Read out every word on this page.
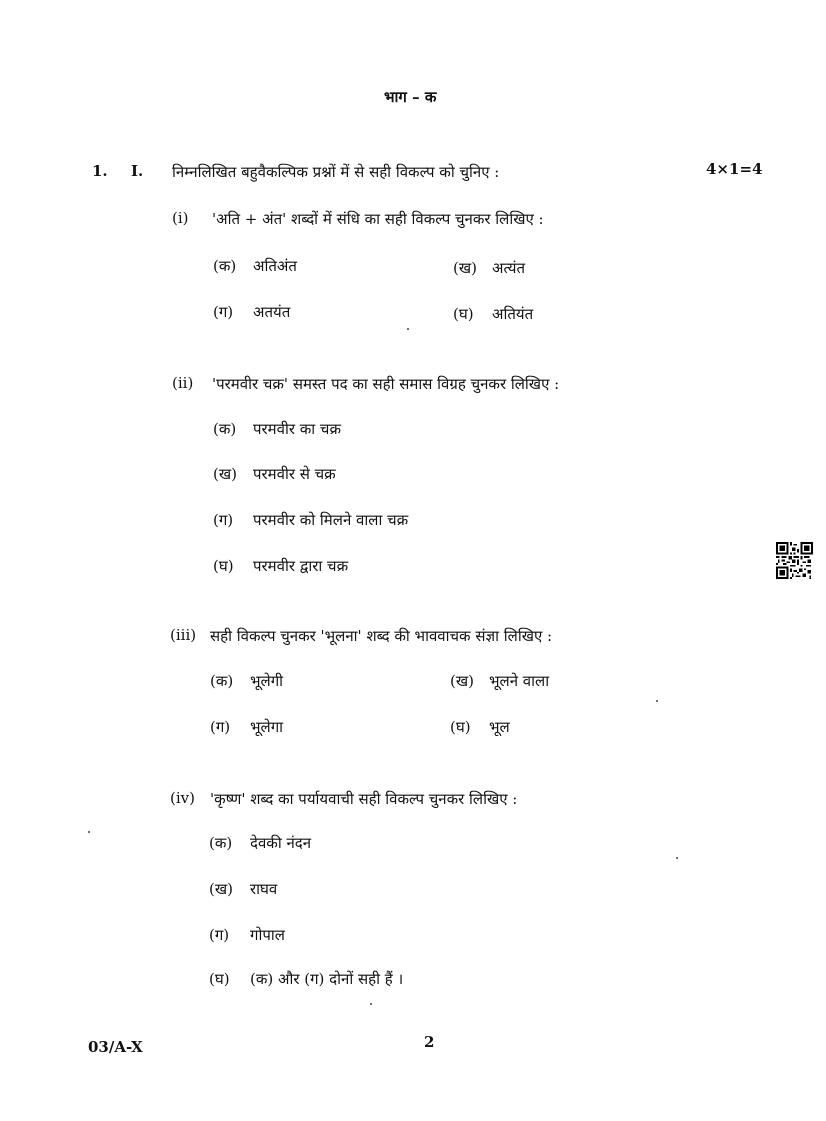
भाग – क
1. I. निम्नलिखित बहुवैकल्पिक प्रश्नों में से सही विकल्प को चुनिए :	4×1=4
(i) 'अति + अंत' शब्दों में संधि का सही विकल्प चुनकर लिखिए :
(क) अतिअंत	(ख) अत्यंत
(ग) अतयंत	(घ) अतियंत
(ii) 'परमवीर चक्र' समस्त पद का सही समास विग्रह चुनकर लिखिए :
(क) परमवीर का चक्र
(ख) परमवीर से चक्र
(ग) परमवीर को मिलने वाला चक्र
(घ) परमवीर द्वारा चक्र
(iii) सही विकल्प चुनकर 'भूलना' शब्द की भाववाचक संज्ञा लिखिए :
(क) भूलेगी	(ख) भूलने वाला
(ग) भूलेगा	(घ) भूल
(iv) 'कृष्ण' शब्द का पर्यायवाची सही विकल्प चुनकर लिखिए :
(क) देवकी नंदन
(ख) राघव
(ग) गोपाल
(घ) (क) और (ग) दोनों सही हैं ।
03/A-X	2
